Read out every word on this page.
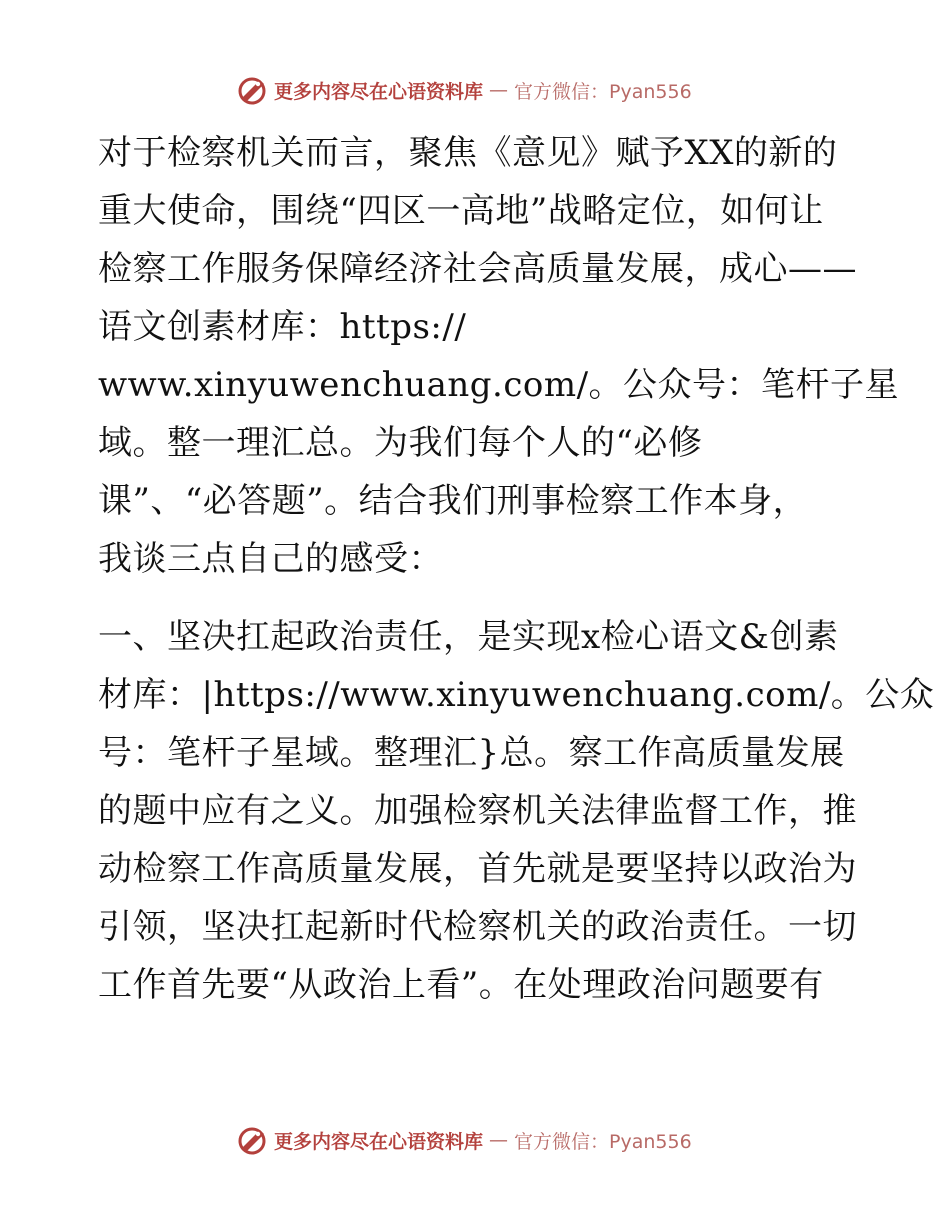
更多内容尽在心语资料库 — 官方微信：Pyan556
对于检察机关而言，聚焦《意见》赋予XX的新的
重大使命，围绕“四区一高地”战略定位，如何让
检察工作服务保障经济社会高质量发展，成心——
语文创素材库：https://
www.xinyuwenchuang.com/。公众号：笔杆子星
域。整一理汇总。为我们每个人的“必修
课”、“必答题”。结合我们刑事检察工作本身，
我谈三点自己的感受：
一、坚决扛起政治责任，是实现x检心语文&创素
材库：|https://www.xinyuwenchuang.com/。公众
号：笔杆子星域。整理汇}总。察工作高质量发展
的题中应有之义。加强检察机关法律监督工作，推
动检察工作高质量发展，首先就是要坚持以政治为
引领，坚决扛起新时代检察机关的政治责任。一切
工作首先要“从政治上看”。在处理政治问题要有
更多内容尽在心语资料库 — 官方微信：Pyan556
